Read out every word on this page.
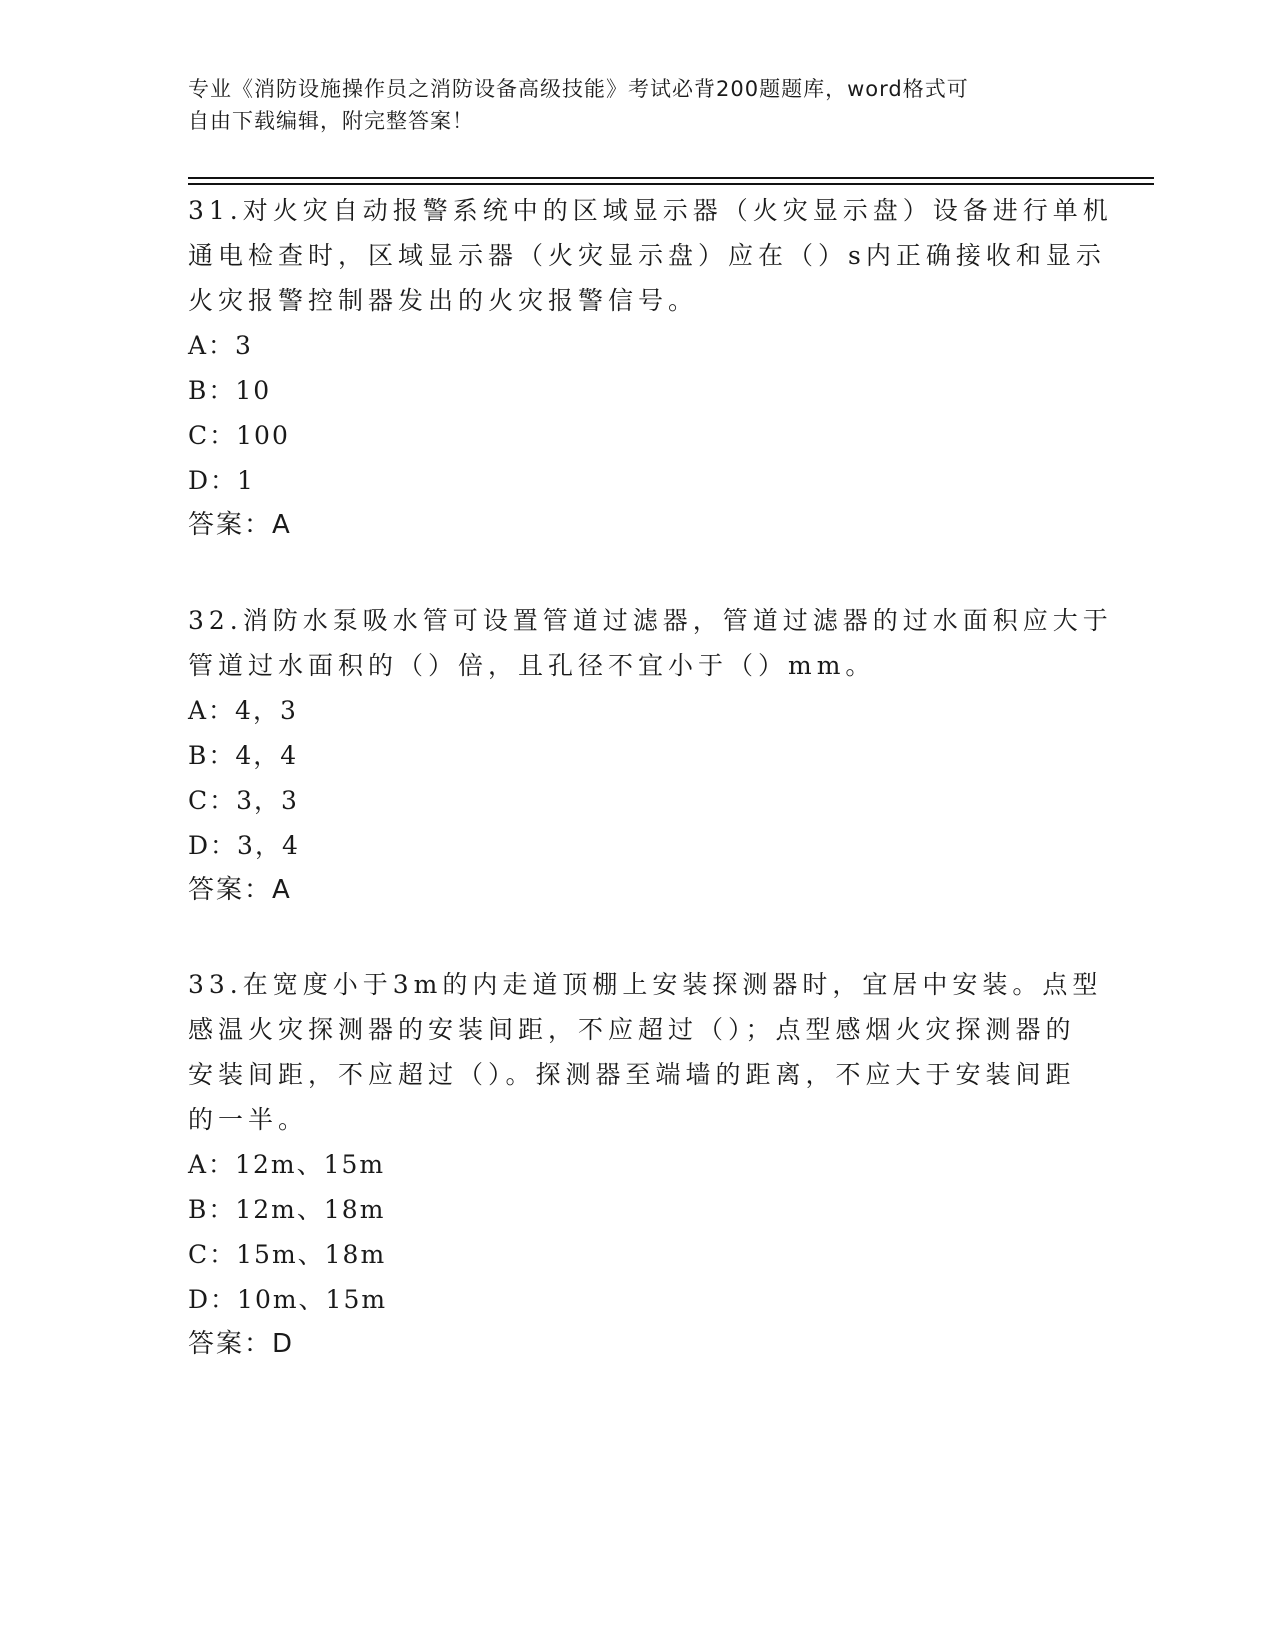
专业《消防设施操作员之消防设备高级技能》考试必背200题题库，word格式可
自由下载编辑，附完整答案！
31.对火灾自动报警系统中的区域显示器（火灾显示盘）设备进行单机
通电检查时，区域显示器（火灾显示盘）应在（）s内正确接收和显示
火灾报警控制器发出的火灾报警信号。
A：3
B：10
C：100
D：1
答案：A
32.消防水泵吸水管可设置管道过滤器，管道过滤器的过水面积应大于
管道过水面积的（）倍，且孔径不宜小于（）mm。
A：4，3
B：4，4
C：3，3
D：3，4
答案：A
33.在宽度小于3m的内走道顶棚上安装探测器时，宜居中安装。点型
感温火灾探测器的安装间距，不应超过（）；点型感烟火灾探测器的
安装间距，不应超过（）。探测器至端墙的距离，不应大于安装间距
的一半。
A：12m、15m
B：12m、18m
C：15m、18m
D：10m、15m
答案：D
